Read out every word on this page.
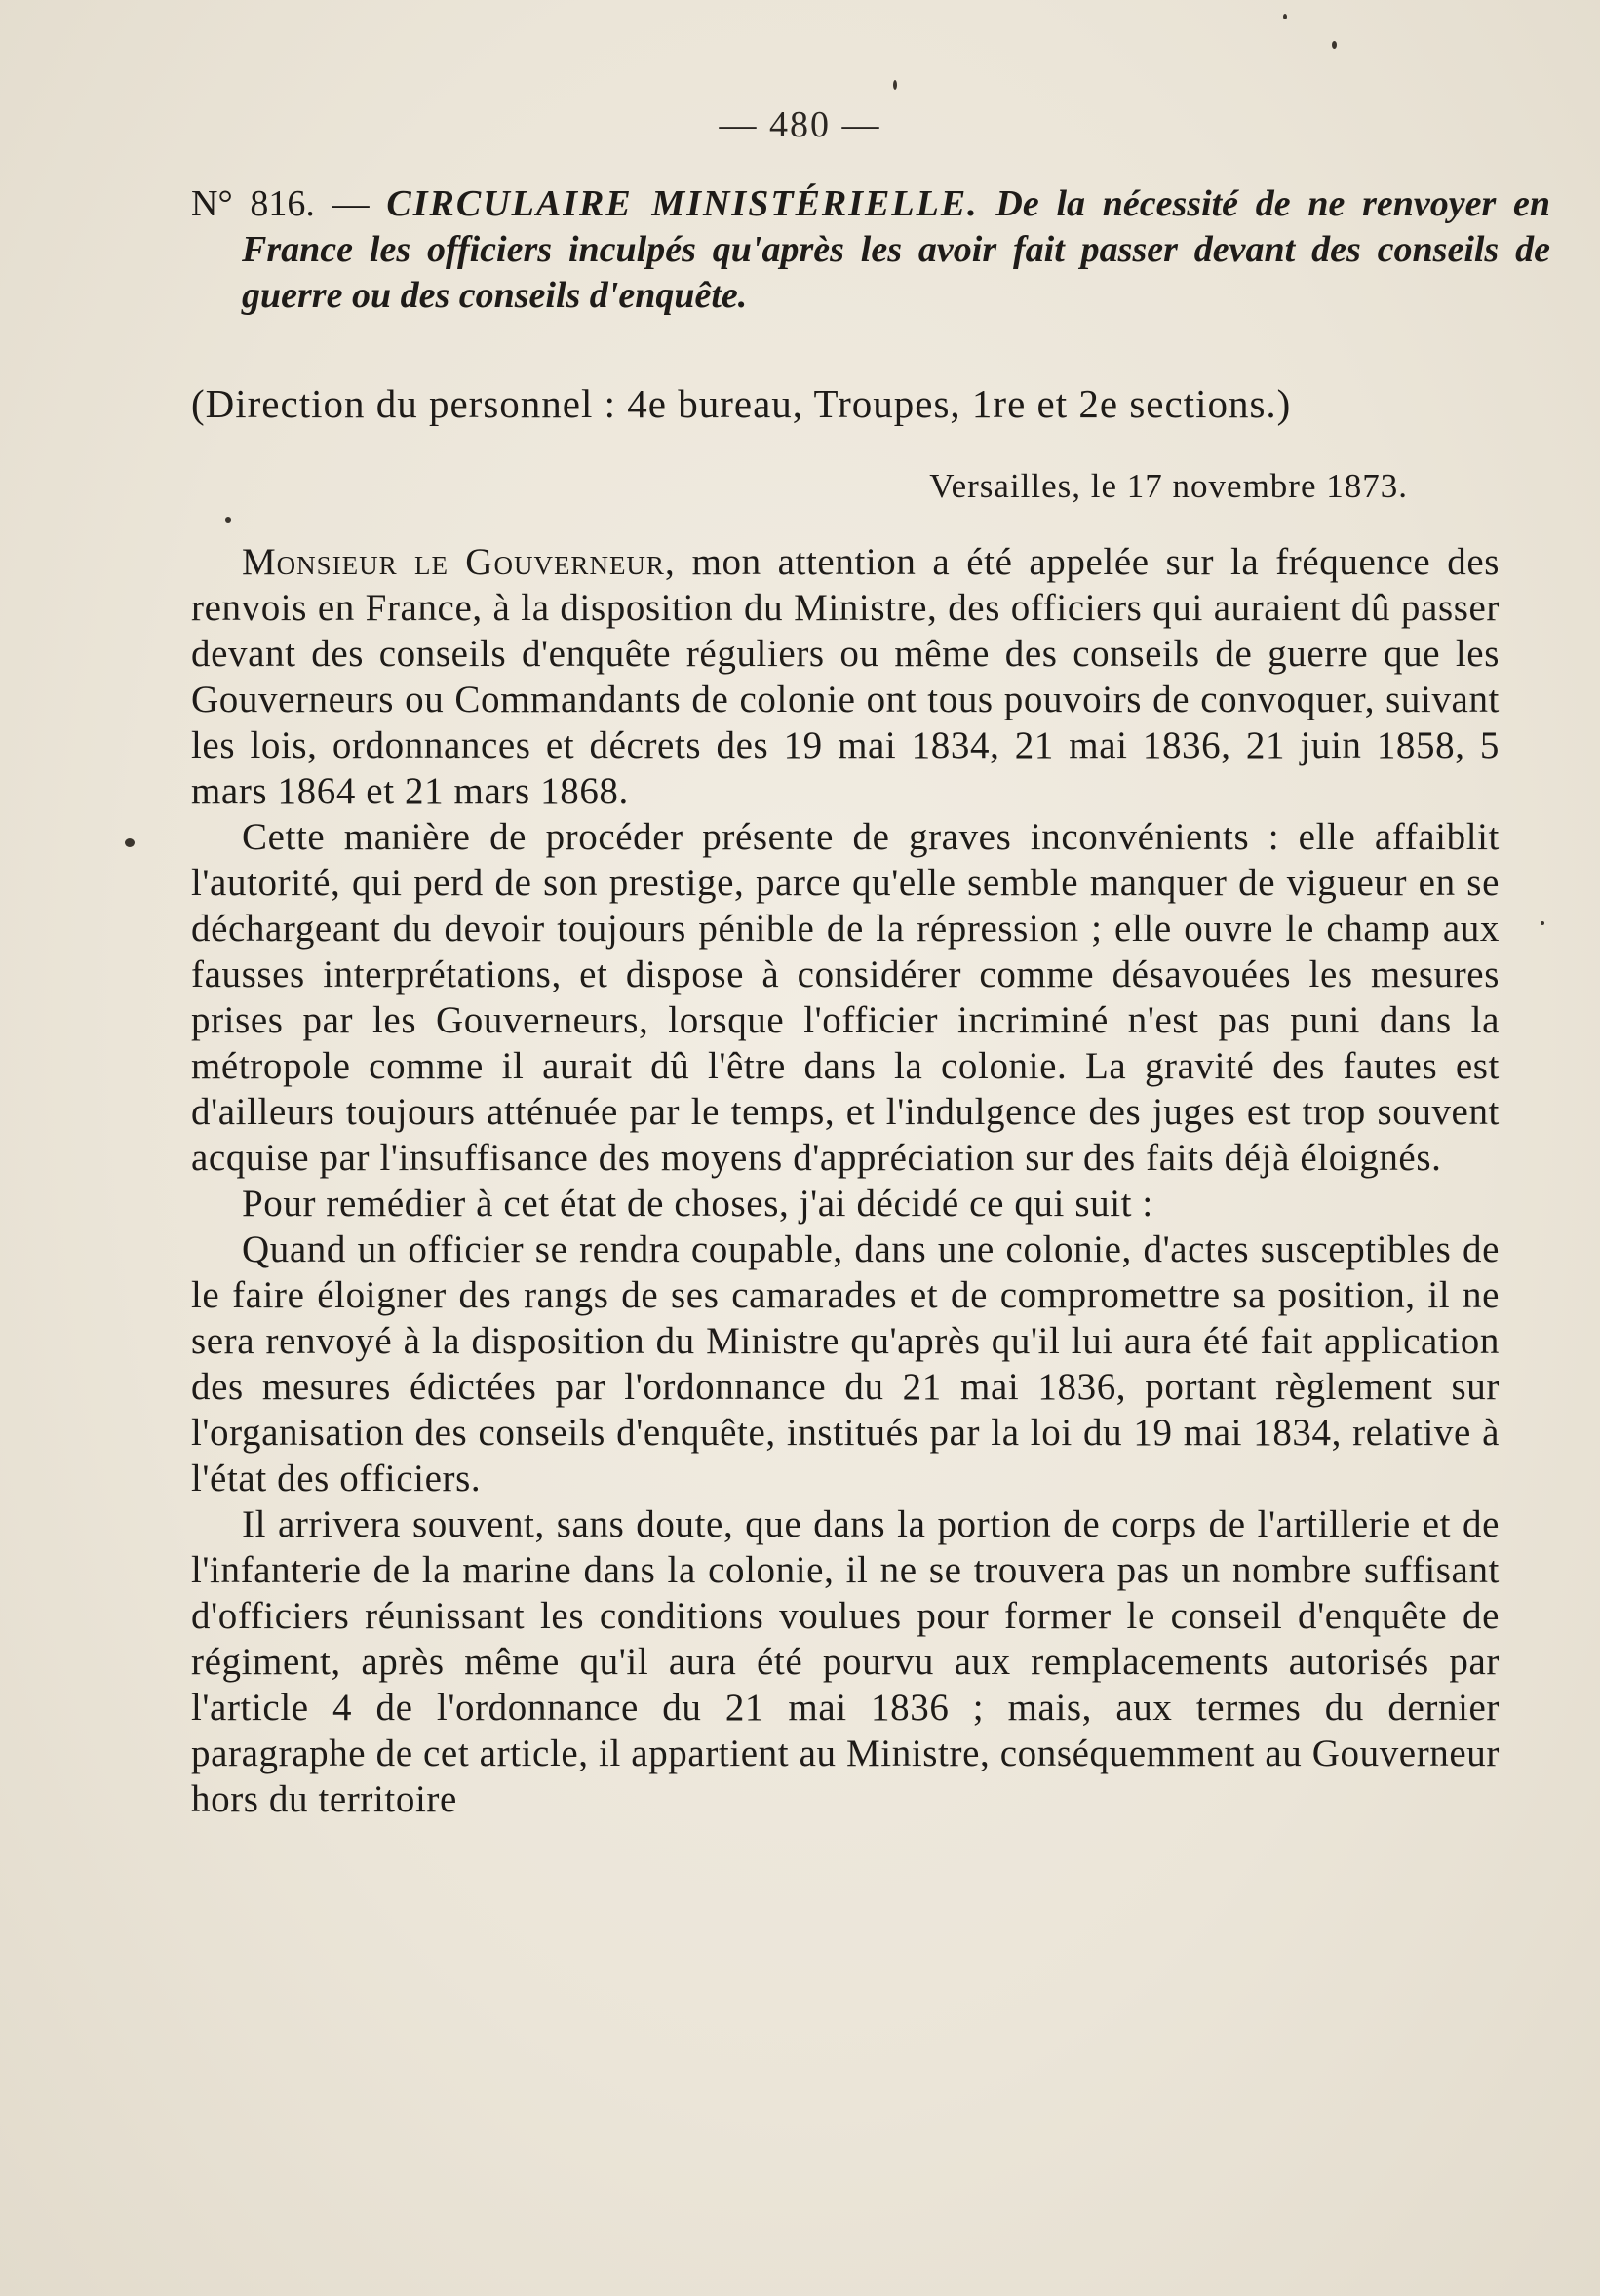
— 480 —
N° 816. — CIRCULAIRE MINISTÉRIELLE. De la nécessité de ne renvoyer en France les officiers inculpés qu'après les avoir fait passer devant des conseils de guerre ou des conseils d'enquête.
(Direction du personnel : 4e bureau, Troupes, 1re et 2e sections.)
Versailles, le 17 novembre 1873.

Monsieur le Gouverneur, mon attention a été appelée sur la fréquence des renvois en France, à la disposition du Ministre, des officiers qui auraient dû passer devant des conseils d'enquête réguliers ou même des conseils de guerre que les Gouverneurs ou Commandants de colonie ont tous pouvoirs de convoquer, suivant les lois, ordonnances et décrets des 19 mai 1834, 21 mai 1836, 21 juin 1858, 5 mars 1864 et 21 mars 1868.

Cette manière de procéder présente de graves inconvénients : elle affaiblit l'autorité, qui perd de son prestige, parce qu'elle semble manquer de vigueur en se déchargeant du devoir toujours pénible de la répression ; elle ouvre le champ aux fausses interprétations, et dispose à considérer comme désavouées les mesures prises par les Gouverneurs, lorsque l'officier incriminé n'est pas puni dans la métropole comme il aurait dû l'être dans la colonie. La gravité des fautes est d'ailleurs toujours atténuée par le temps, et l'indulgence des juges est trop souvent acquise par l'insuffisance des moyens d'appréciation sur des faits déjà éloignés.

Pour remédier à cet état de choses, j'ai décidé ce qui suit :

Quand un officier se rendra coupable, dans une colonie, d'actes susceptibles de le faire éloigner des rangs de ses camarades et de compromettre sa position, il ne sera renvoyé à la disposition du Ministre qu'après qu'il lui aura été fait application des mesures édictées par l'ordonnance du 21 mai 1836, portant règlement sur l'organisation des conseils d'enquête, institués par la loi du 19 mai 1834, relative à l'état des officiers.

Il arrivera souvent, sans doute, que dans la portion de corps de l'artillerie et de l'infanterie de la marine dans la colonie, il ne se trouvera pas un nombre suffisant d'officiers réunissant les conditions voulues pour former le conseil d'enquête de régiment, après même qu'il aura été pourvu aux remplacements autorisés par l'article 4 de l'ordonnance du 21 mai 1836 ; mais, aux termes du dernier paragraphe de cet article, il appartient au Ministre, conséquemment au Gouverneur hors du territoire
